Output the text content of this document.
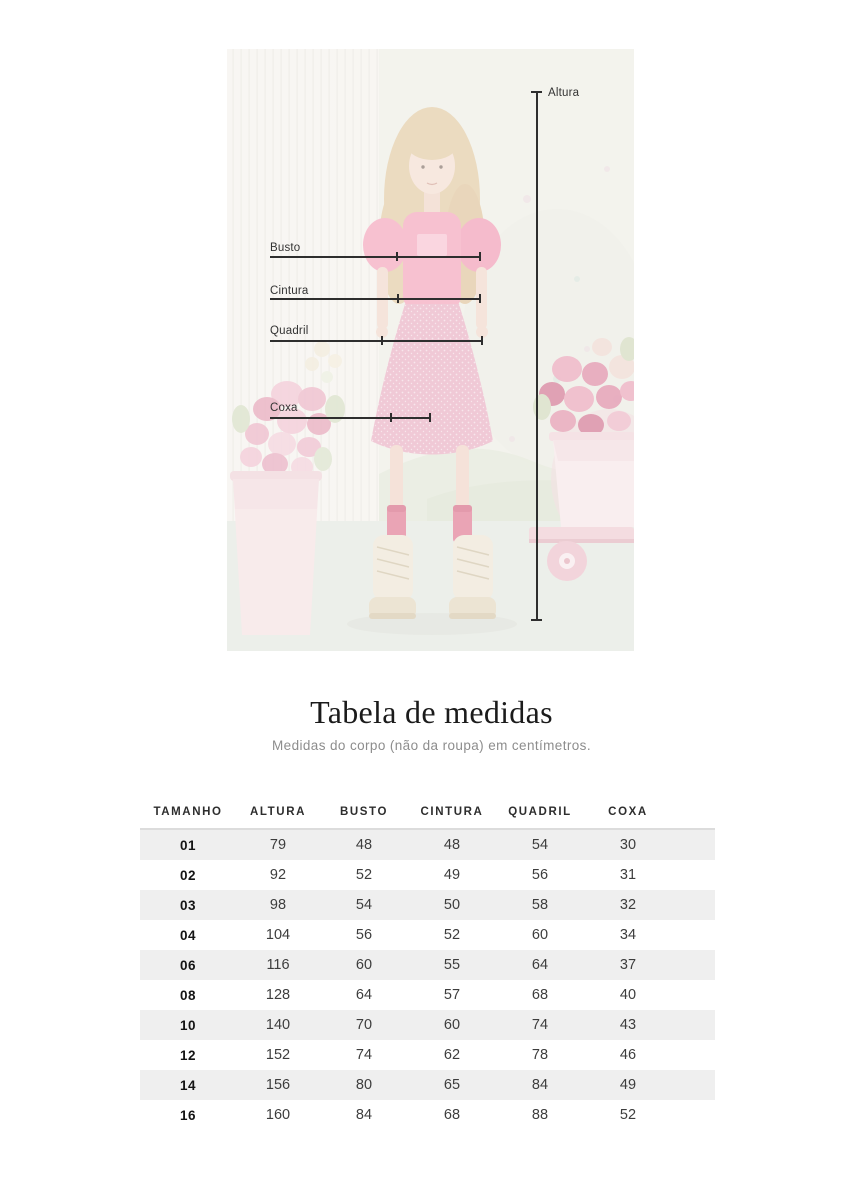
Altura
Busto
Cintura
Quadril
Coxa
Tabela de medidas

Medidas do corpo (não da roupa) em centímetros.

TAMANHO	ALTURA	BUSTO	CINTURA	QUADRIL	COXA
01	79	48	48	54	30
02	92	52	49	56	31
03	98	54	50	58	32
04	104	56	52	60	34
06	116	60	55	64	37
08	128	64	57	68	40
10	140	70	60	74	43
12	152	74	62	78	46
14	156	80	65	84	49
16	160	84	68	88	52
